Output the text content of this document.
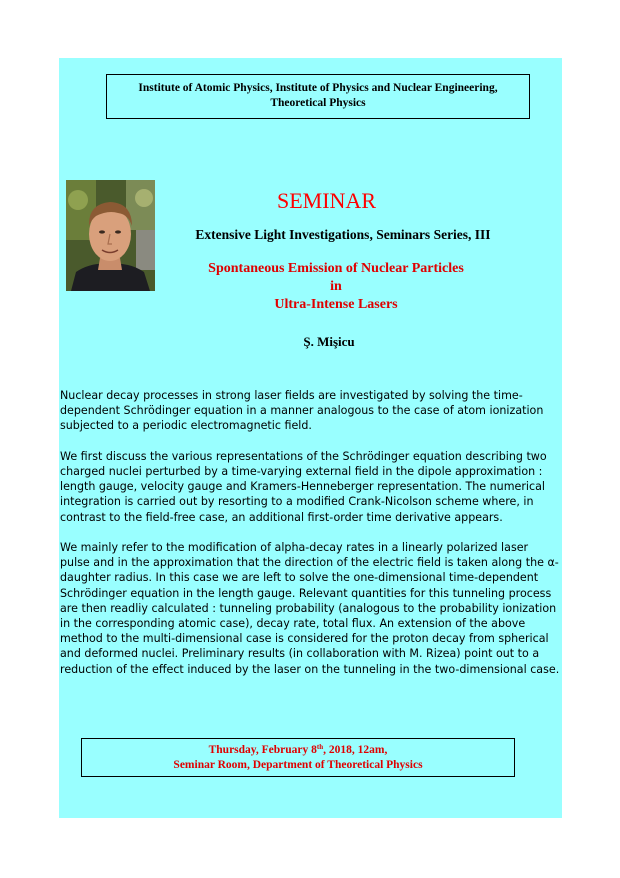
Institute of Atomic Physics, Institute of Physics and Nuclear Engineering,
Theoretical Physics
SEMINAR
Extensive Light Investigations, Seminars Series, III
Spontaneous Emission of Nuclear Particles
in
Ultra-Intense Lasers
Ş. Mişicu

Nuclear decay processes in strong laser fields are investigated by solving the time-dependent Schrödinger equation in a manner analogous to the case of atom ionization subjected to a periodic electromagnetic field.

We first discuss the various representations of the Schrödinger equation describing two charged nuclei perturbed by a time-varying external field in the dipole approximation : length gauge, velocity gauge and Kramers-Henneberger representation. The numerical integration is carried out by resorting to a modified Crank-Nicolson scheme where, in contrast to the field-free case, an additional first-order time derivative appears.

We mainly refer to the modification of alpha-decay rates in a linearly polarized laser pulse and in the approximation that the direction of the electric field is taken along the α-daughter radius. In this case we are left to solve the one-dimensional time-dependent Schrödinger equation in the length gauge. Relevant quantities for this tunneling process are then readliy calculated : tunneling probability (analogous to the probability ionization in the corresponding atomic case), decay rate, total flux. An extension of the above method to the multi-dimensional case is considered for the proton decay from spherical and deformed nuclei. Preliminary results (in collaboration with M. Rizea) point out to a reduction of the effect induced by the laser on the tunneling in the two-dimensional case.

Thursday, February 8th, 2018, 12am,
Seminar Room, Department of Theoretical Physics
